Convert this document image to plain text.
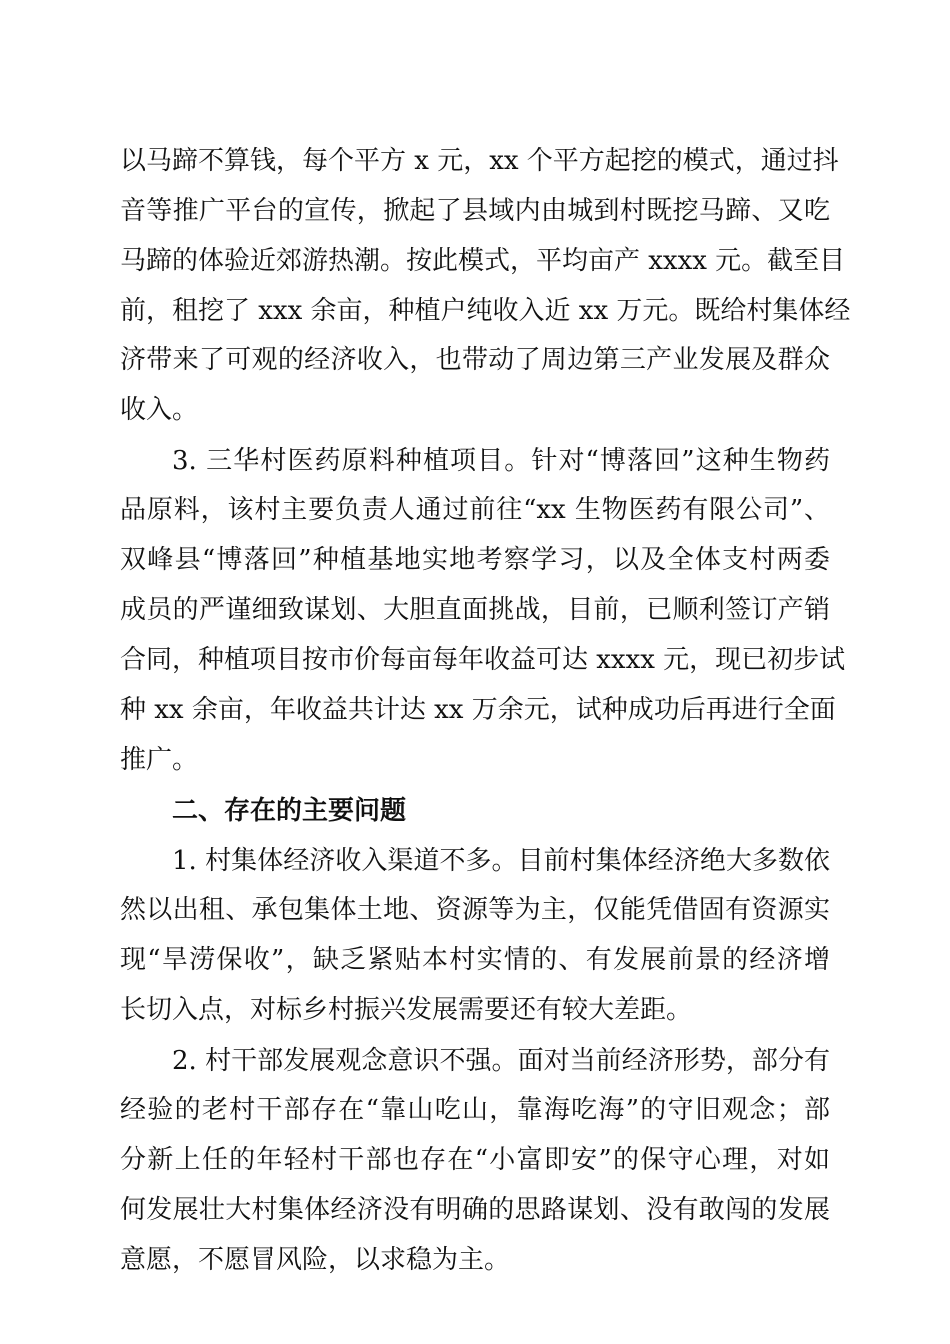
以马蹄不算钱，每个平方 x 元，xx 个平方起挖的模式，通过抖
音等推广平台的宣传，掀起了县域内由城到村既挖马蹄、又吃
马蹄的体验近郊游热潮。按此模式，平均亩产 xxxx 元。截至目
前，租挖了 xxx 余亩，种植户纯收入近 xx 万元。既给村集体经
济带来了可观的经济收入，也带动了周边第三产业发展及群众
收入。
3. 三华村医药原料种植项目。针对“博落回”这种生物药
品原料，该村主要负责人通过前往“xx 生物医药有限公司”、
双峰县“博落回”种植基地实地考察学习，以及全体支村两委
成员的严谨细致谋划、大胆直面挑战，目前，已顺利签订产销
合同，种植项目按市价每亩每年收益可达 xxxx 元，现已初步试
种 xx 余亩，年收益共计达 xx 万余元，试种成功后再进行全面
推广。
二、存在的主要问题
1. 村集体经济收入渠道不多。目前村集体经济绝大多数依
然以出租、承包集体土地、资源等为主，仅能凭借固有资源实
现“旱涝保收”，缺乏紧贴本村实情的、有发展前景的经济增
长切入点，对标乡村振兴发展需要还有较大差距。
2. 村干部发展观念意识不强。面对当前经济形势，部分有
经验的老村干部存在“靠山吃山，靠海吃海”的守旧观念；部
分新上任的年轻村干部也存在“小富即安”的保守心理，对如
何发展壮大村集体经济没有明确的思路谋划、没有敢闯的发展
意愿，不愿冒风险，以求稳为主。
